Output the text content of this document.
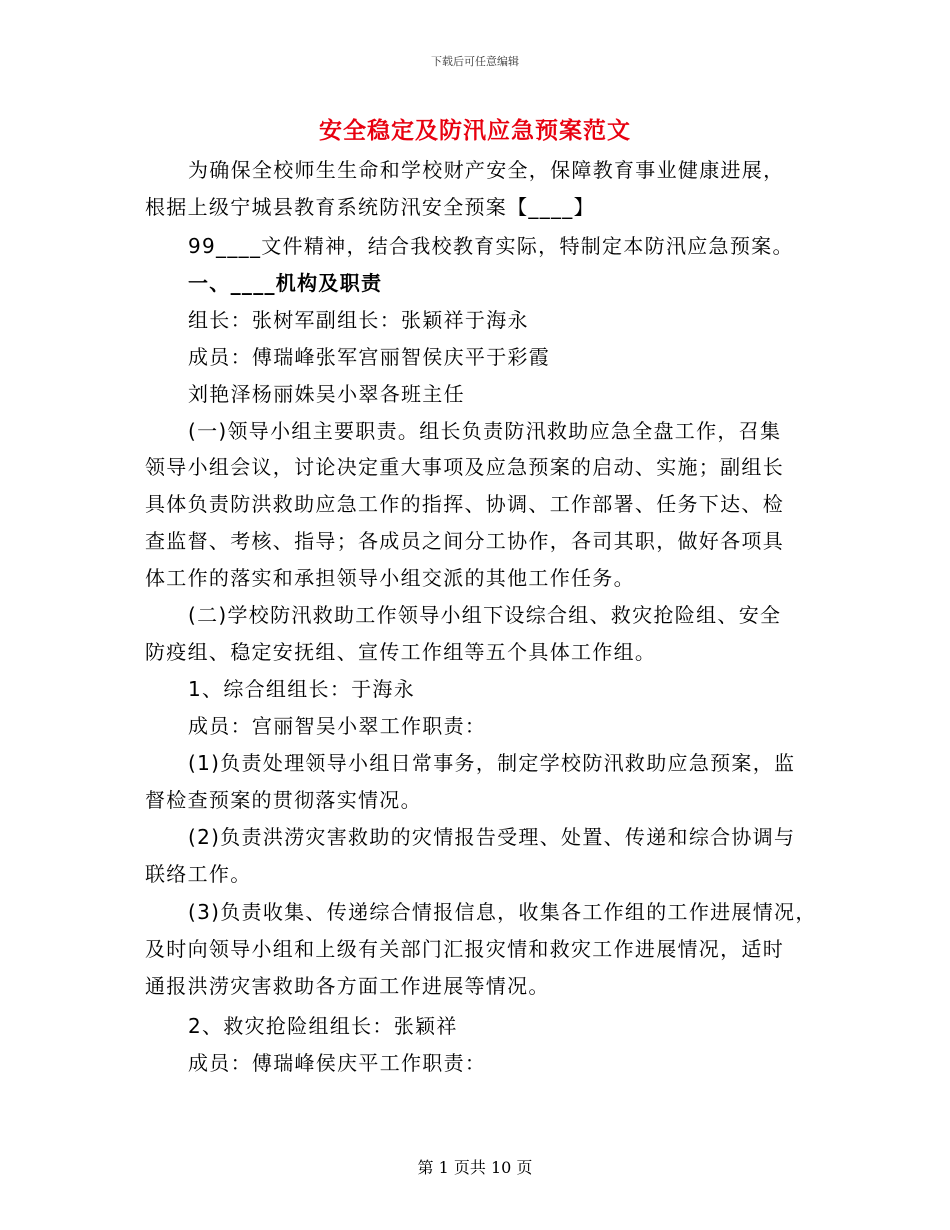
下载后可任意编辑
安全稳定及防汛应急预案范文
为确保全校师生生命和学校财产安全，保障教育事业健康进展，
根据上级宁城县教育系统防汛安全预案【____】
99____文件精神，结合我校教育实际，特制定本防汛应急预案。
一、____机构及职责
组长：张树军副组长：张颖祥于海永
成员：傅瑞峰张军宫丽智侯庆平于彩霞
刘艳泽杨丽姝吴小翠各班主任
(一)领导小组主要职责。组长负责防汛救助应急全盘工作，召集
领导小组会议，讨论决定重大事项及应急预案的启动、实施；副组长
具体负责防洪救助应急工作的指挥、协调、工作部署、任务下达、检
查监督、考核、指导；各成员之间分工协作，各司其职，做好各项具
体工作的落实和承担领导小组交派的其他工作任务。
(二)学校防汛救助工作领导小组下设综合组、救灾抢险组、安全
防疫组、稳定安抚组、宣传工作组等五个具体工作组。
1、综合组组长：于海永
成员：宫丽智吴小翠工作职责：
(1)负责处理领导小组日常事务，制定学校防汛救助应急预案，监
督检查预案的贯彻落实情况。
(2)负责洪涝灾害救助的灾情报告受理、处置、传递和综合协调与
联络工作。
(3)负责收集、传递综合情报信息，收集各工作组的工作进展情况，
及时向领导小组和上级有关部门汇报灾情和救灾工作进展情况，适时
通报洪涝灾害救助各方面工作进展等情况。
2、救灾抢险组组长：张颖祥
成员：傅瑞峰侯庆平工作职责：
第 1 页共 10 页
